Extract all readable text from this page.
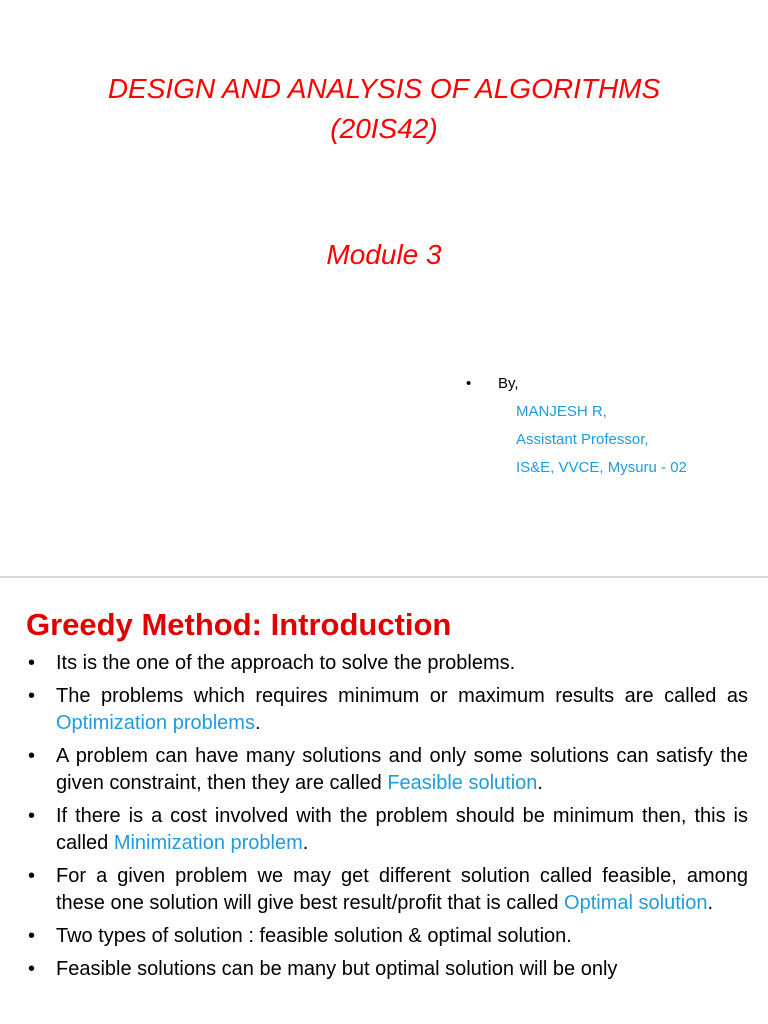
DESIGN AND ANALYSIS OF ALGORITHMS
(20IS42)
Module 3
• By,
MANJESH R,
Assistant Professor,
IS&E, VVCE, Mysuru - 02
Greedy Method: Introduction
• Its is the one of the approach to solve the problems.
• The problems which requires minimum or maximum results are called as Optimization problems.
• A problem can have many solutions and only some solutions can satisfy the given constraint, then they are called Feasible solution.
• If there is a cost involved with the problem should be minimum then, this is called Minimization problem.
• For a given problem we may get different solution called feasible, among these one solution will give best result/profit that is called Optimal solution.
• Two types of solution : feasible solution & optimal solution.
• Feasible solutions can be many but optimal solution will be only
